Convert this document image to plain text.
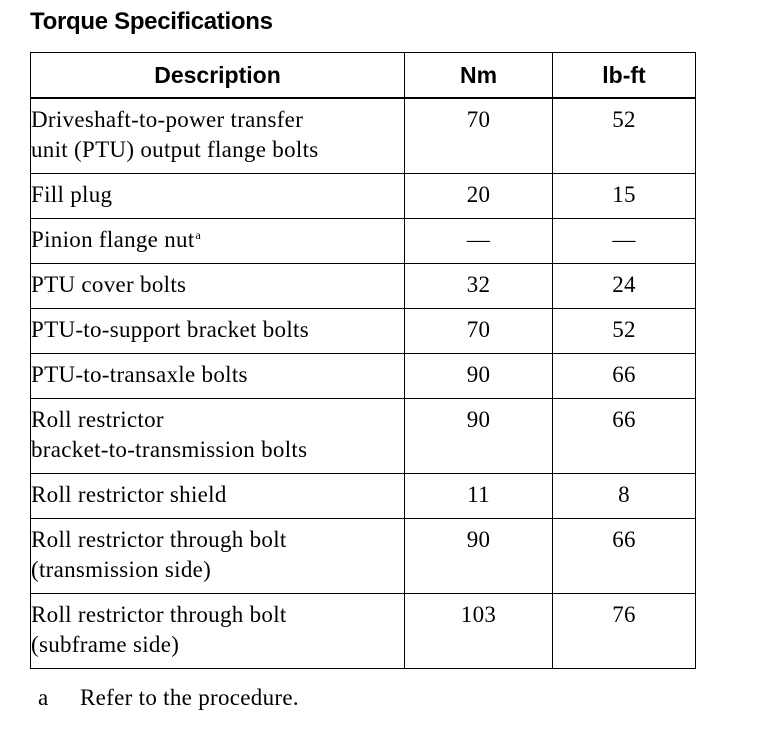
Torque Specifications
Description	Nm	lb-ft

Driveshaft-to-power transfer
unit (PTU) output flange bolts	70	52

Fill plug	20	15

Pinion flange nut$^a$	—	—

PTU cover bolts	32	24

PTU-to-support bracket bolts	70	52

PTU-to-transaxle bolts	90	66

Roll restrictor
bracket-to-transmission bolts	90	66

Roll restrictor shield	11	8

Roll restrictor through bolt
(transmission side)	90	66

Roll restrictor through bolt
(subframe side)	103	76
a Refer to the procedure.
